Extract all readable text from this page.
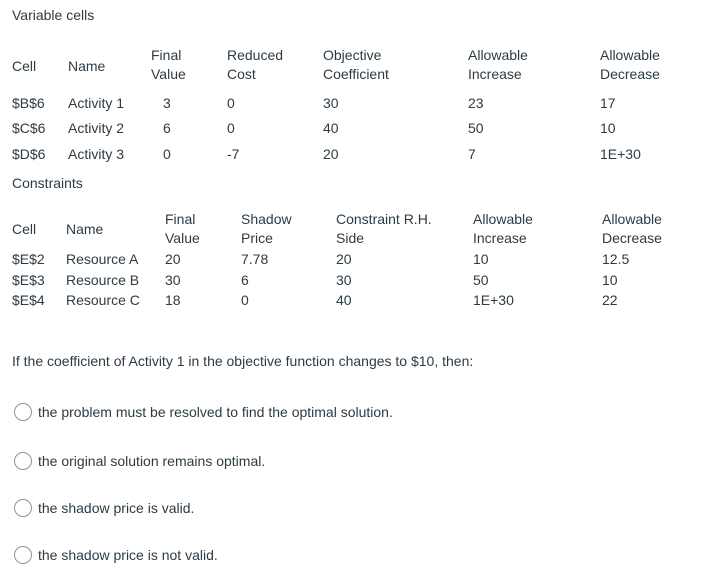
Variable cells
Cell Name
Final
Value
Reduced
Cost
Objective
Coefficient
Allowable
Increase
Allowable
Decrease
$B$6 Activity 1	3	0	30	23	17
$C$6 Activity 2	6	0	40	50	10
$D$6 Activity 3	0	-7	20	7	1E+30
Constraints
Cell Name
Final
Value
Shadow
Price
Constraint R.H.
Side
Allowable
Increase
Allowable
Decrease
$E$2 Resource A 20	7.78	20	10	12.5
$E$3 Resource B 30	6	30	50	10
$E$4 Resource C 18	0	40	1E+30	22
If the coefficient of Activity 1 in the objective function changes to $10, then:
the problem must be resolved to find the optimal solution.
the original solution remains optimal.
the shadow price is valid.
the shadow price is not valid.
